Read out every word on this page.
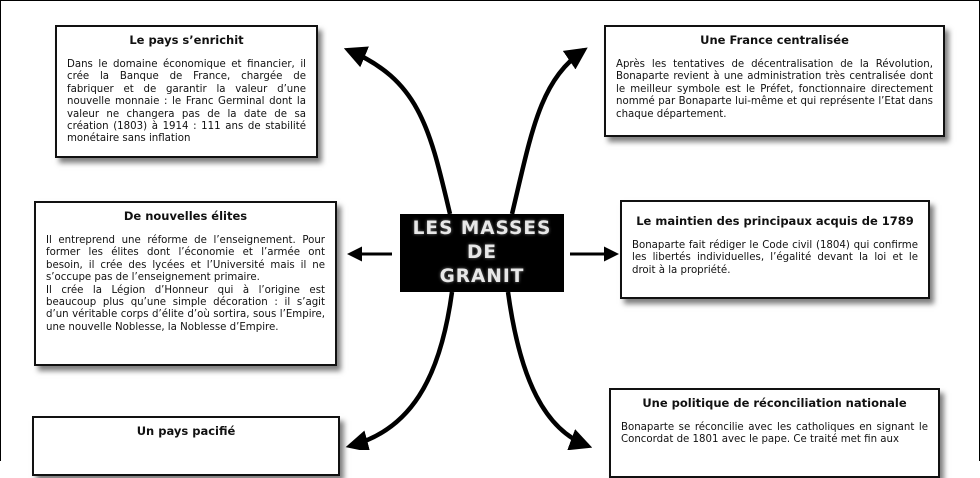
LES MASSES
DE
GRANIT
Le pays s’enrichit

Dans le domaine économique et financier, il crée la Banque de France, chargée de fabriquer et de garantir la valeur d’une nouvelle monnaie : le Franc Germinal dont la valeur ne changera pas de la date de sa création (1803) à 1914 : 111 ans de stabilité monétaire sans inflation

Une France centralisée

Après les tentatives de décentralisation de la Révolution, Bonaparte revient à une administration très centralisée dont le meilleur symbole est le Préfet, fonctionnaire directement nommé par Bonaparte lui-même et qui représente l’Etat dans chaque département.

De nouvelles élites

Il entreprend une réforme de l’enseignement. Pour former les élites dont l’économie et l’armée ont besoin, il crée des lycées et l’Université mais il ne s’occupe pas de l’enseignement primaire.
Il crée la Légion d’Honneur qui à l’origine est beaucoup plus qu’une simple décoration : il s’agit d’un véritable corps d’élite d’où sortira, sous l’Empire, une nouvelle Noblesse, la Noblesse d’Empire.

Le maintien des principaux acquis de 1789

Bonaparte fait rédiger le Code civil (1804) qui confirme les libertés individuelles, l’égalité devant la loi et le droit à la propriété.

Un pays pacifié

Une politique de réconciliation nationale

Bonaparte se réconcilie avec les catholiques en signant le Concordat de 1801 avec le pape. Ce traité met fin aux
